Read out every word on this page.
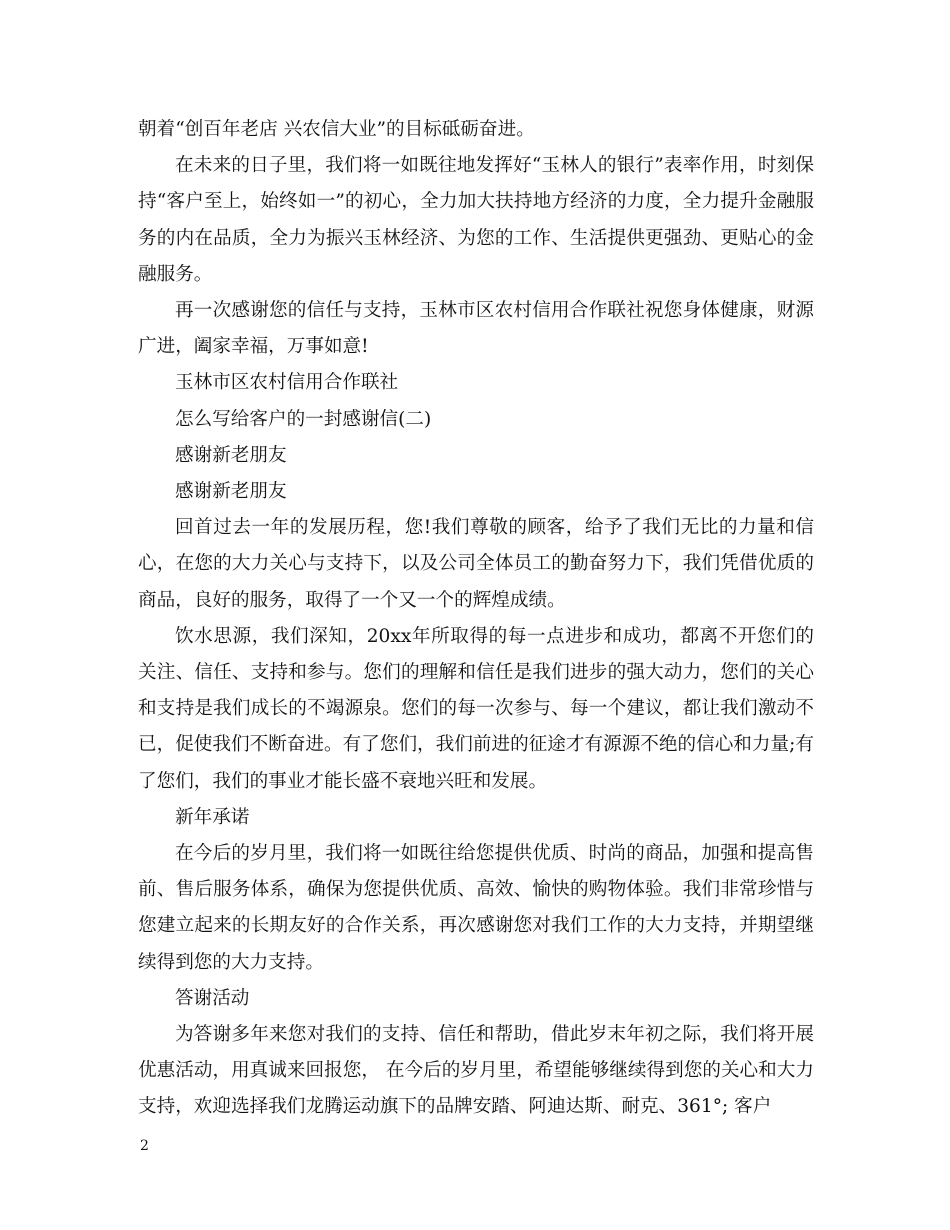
朝着“创百年老店 兴农信大业”的目标砥砺奋进。

在未来的日子里，我们将一如既往地发挥好“玉林人的银行”表率作用，时刻保持“客户至上，始终如一”的初心，全力加大扶持地方经济的力度，全力提升金融服务的内在品质，全力为振兴玉林经济、为您的工作、生活提供更强劲、更贴心的金融服务。

再一次感谢您的信任与支持，玉林市区农村信用合作联社祝您身体健康，财源广进，阖家幸福，万事如意!

玉林市区农村信用合作联社

怎么写给客户的一封感谢信(二)

感谢新老朋友

感谢新老朋友

回首过去一年的发展历程，您!我们尊敬的顾客，给予了我们无比的力量和信心，在您的大力关心与支持下，以及公司全体员工的勤奋努力下，我们凭借优质的商品，良好的服务，取得了一个又一个的辉煌成绩。

饮水思源，我们深知，20xx年所取得的每一点进步和成功，都离不开您们的关注、信任、支持和参与。您们的理解和信任是我们进步的强大动力，您们的关心和支持是我们成长的不竭源泉。您们的每一次参与、每一个建议，都让我们激动不已，促使我们不断奋进。有了您们，我们前进的征途才有源源不绝的信心和力量;有了您们，我们的事业才能长盛不衰地兴旺和发展。

新年承诺

在今后的岁月里，我们将一如既往给您提供优质、时尚的商品，加强和提高售前、售后服务体系，确保为您提供优质、高效、愉快的购物体验。我们非常珍惜与您建立起来的长期友好的合作关系，再次感谢您对我们工作的大力支持，并期望继续得到您的大力支持。

答谢活动

为答谢多年来您对我们的支持、信任和帮助，借此岁末年初之际，我们将开展优惠活动，用真诚来回报您， 在今后的岁月里，希望能够继续得到您的关心和大力支持，欢迎选择我们龙腾运动旗下的品牌安踏、阿迪达斯、耐克、361°; 客户

2
